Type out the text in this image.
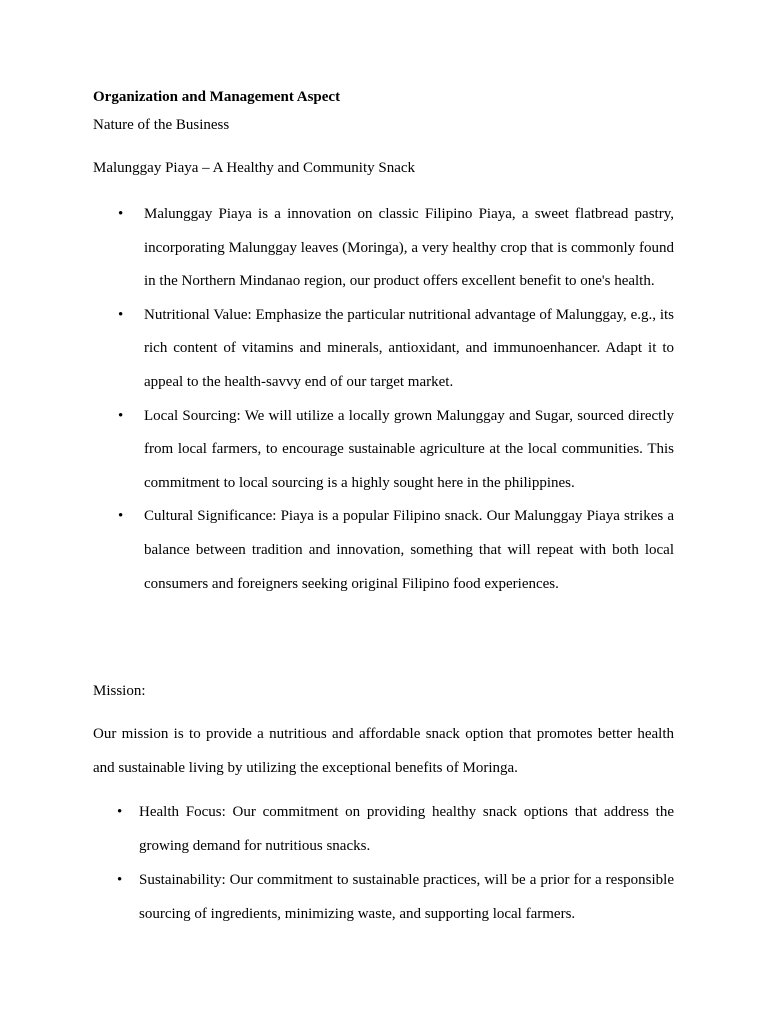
Organization and Management Aspect
Nature of the Business
Malunggay Piaya – A Healthy and Community Snack
• Malunggay Piaya is a innovation on classic Filipino Piaya, a sweet flatbread pastry, incorporating Malunggay leaves (Moringa), a very healthy crop that is commonly found in the Northern Mindanao region, our product offers excellent benefit to one's health.
• Nutritional Value: Emphasize the particular nutritional advantage of Malunggay, e.g., its rich content of vitamins and minerals, antioxidant, and immunoenhancer. Adapt it to appeal to the health-savvy end of our target market.
• Local Sourcing: We will utilize a locally grown Malunggay and Sugar, sourced directly from local farmers, to encourage sustainable agriculture at the local communities. This commitment to local sourcing is a highly sought here in the philippines.
• Cultural Significance: Piaya is a popular Filipino snack. Our Malunggay Piaya strikes a balance between tradition and innovation, something that will repeat with both local consumers and foreigners seeking original Filipino food experiences.
Mission:
Our mission is to provide a nutritious and affordable snack option that promotes better health and sustainable living by utilizing the exceptional benefits of Moringa.
• Health Focus: Our commitment on providing healthy snack options that address the growing demand for nutritious snacks.
• Sustainability: Our commitment to sustainable practices, will be a prior for a responsible sourcing of ingredients, minimizing waste, and supporting local farmers.
